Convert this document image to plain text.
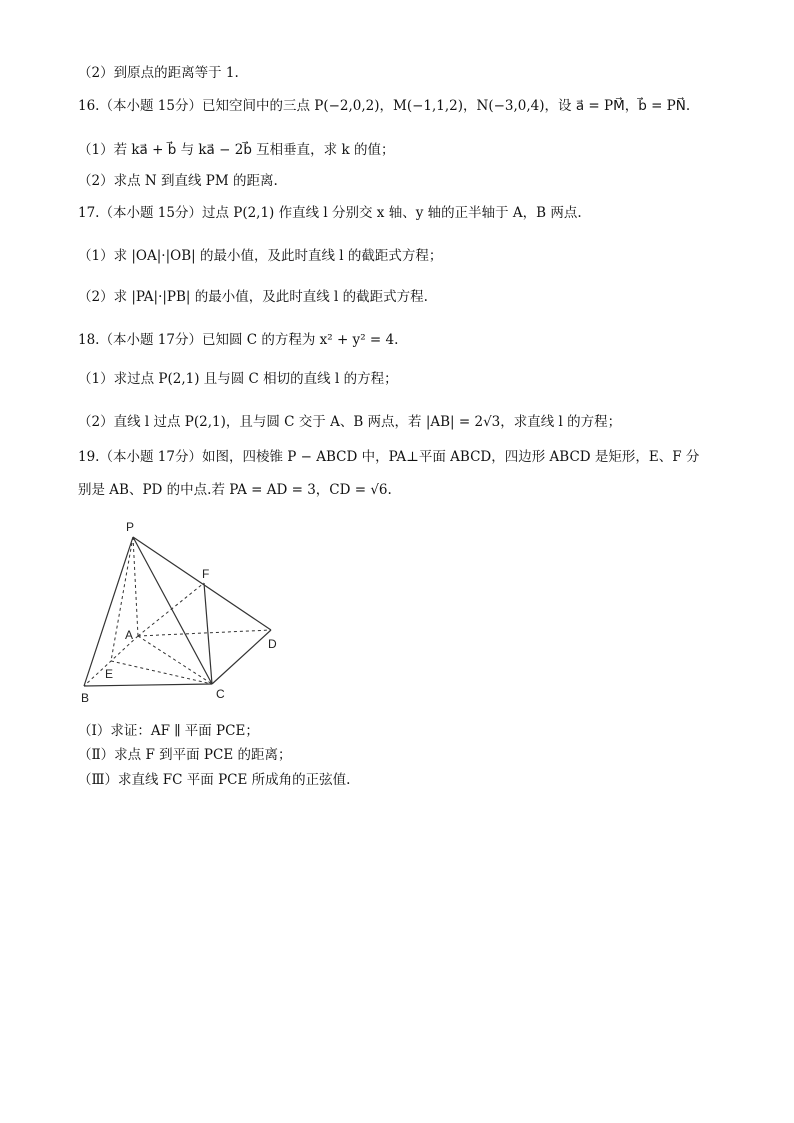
（2）到原点的距离等于 1.
16.（本小题 15分）已知空间中的三点 P(−2,0,2)，M(−1,1,2)，N(−3,0,4)，设 a⃗ = PM⃗，b⃗ = PN⃗.
（1）若 ka⃗ + b⃗ 与 ka⃗ − 2b⃗ 互相垂直，求 k 的值；
（2）求点 N 到直线 PM 的距离.
17.（本小题 15分）过点 P(2,1) 作直线 l 分别交 x 轴、y 轴的正半轴于 A，B 两点.
（1）求 |OA|·|OB| 的最小值，及此时直线 l 的截距式方程；
（2）求 |PA|·|PB| 的最小值，及此时直线 l 的截距式方程.
18.（本小题 17分）已知圆 C 的方程为 x² + y² = 4.
（1）求过点 P(2,1) 且与圆 C 相切的直线 l 的方程；
（2）直线 l 过点 P(2,1)，且与圆 C 交于 A、B 两点，若 |AB| = 2√3，求直线 l 的方程；
19.（本小题 17分）如图，四棱锥 P − ABCD 中，PA⊥平面 ABCD，四边形 ABCD 是矩形，E、F 分
别是 AB、PD 的中点.若 PA = AD = 3，CD = √6.
P
F
A
D
E
B	C
（Ⅰ）求证：AF ∥ 平面 PCE；
（Ⅱ）求点 F 到平面 PCE 的距离；
（Ⅲ）求直线 FC 平面 PCE 所成角的正弦值.
